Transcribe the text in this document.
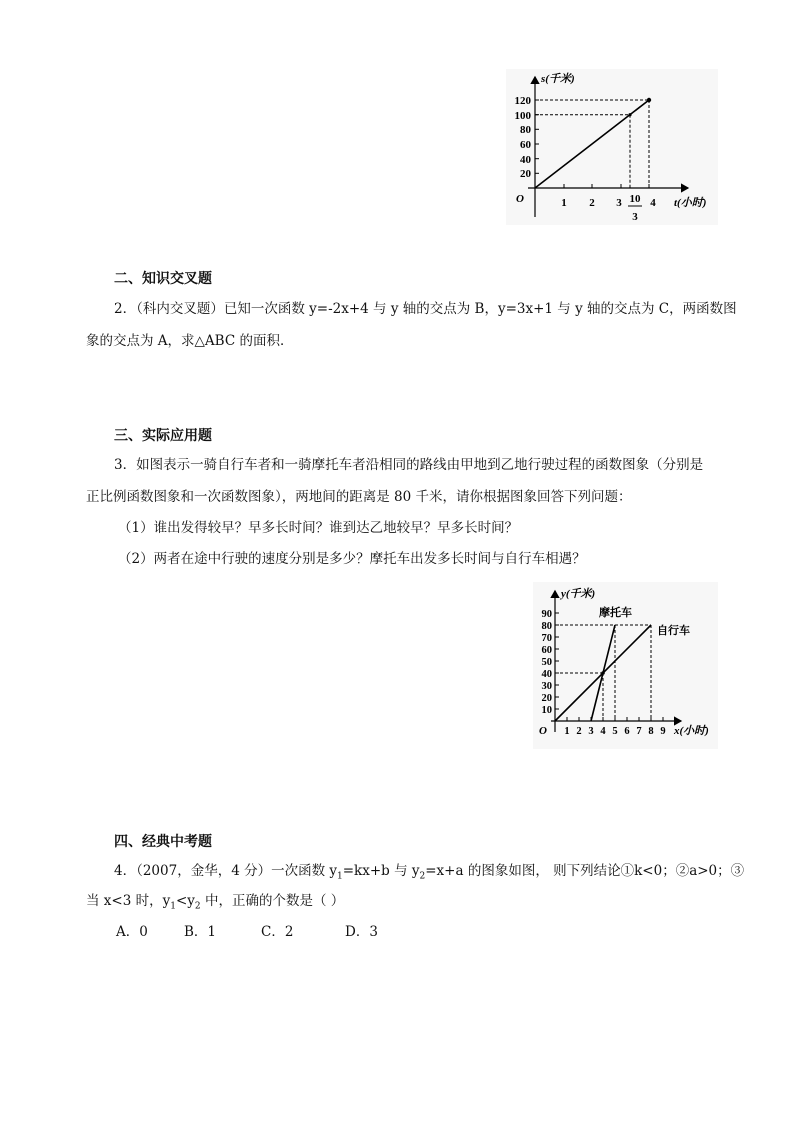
s(千米)
120
100
80
60
40
20
O	1 2 3	4
10
3
t(小时)
二、知识交叉题
2．（科内交叉题）已知一次函数 y=-2x+4 与 y 轴的交点为 B，y=3x+1 与 y 轴的交点为 C，两函数图
象的交点为 A，求△ABC 的面积．
三、实际应用题
3．如图表示一骑自行车者和一骑摩托车者沿相同的路线由甲地到乙地行驶过程的函数图象（分别是
正比例函数图象和一次函数图象），两地间的距离是 80 千米，请你根据图象回答下列问题：
（1）谁出发得较早？早多长时间？谁到达乙地较早？早多长时间？
（2）两者在途中行驶的速度分别是多少？摩托车出发多长时间与自行车相遇？
y(千米)
摩托车
自行车
90
80
70
60
50
40
30
20
10
O 1 2 3 4 5 6 7 8 9 x(小时)
四、经典中考题
4．（2007，金华，4 分）一次函数 $y_1=kx+b$ 与 $y_2=x+a$ 的图象如图， 则下列结论①k<0；②a>0；③
当 x<3 时，$y_1<y_2$ 中，正确的个数是（ ）
A．0	B．1	C．2	D．3
